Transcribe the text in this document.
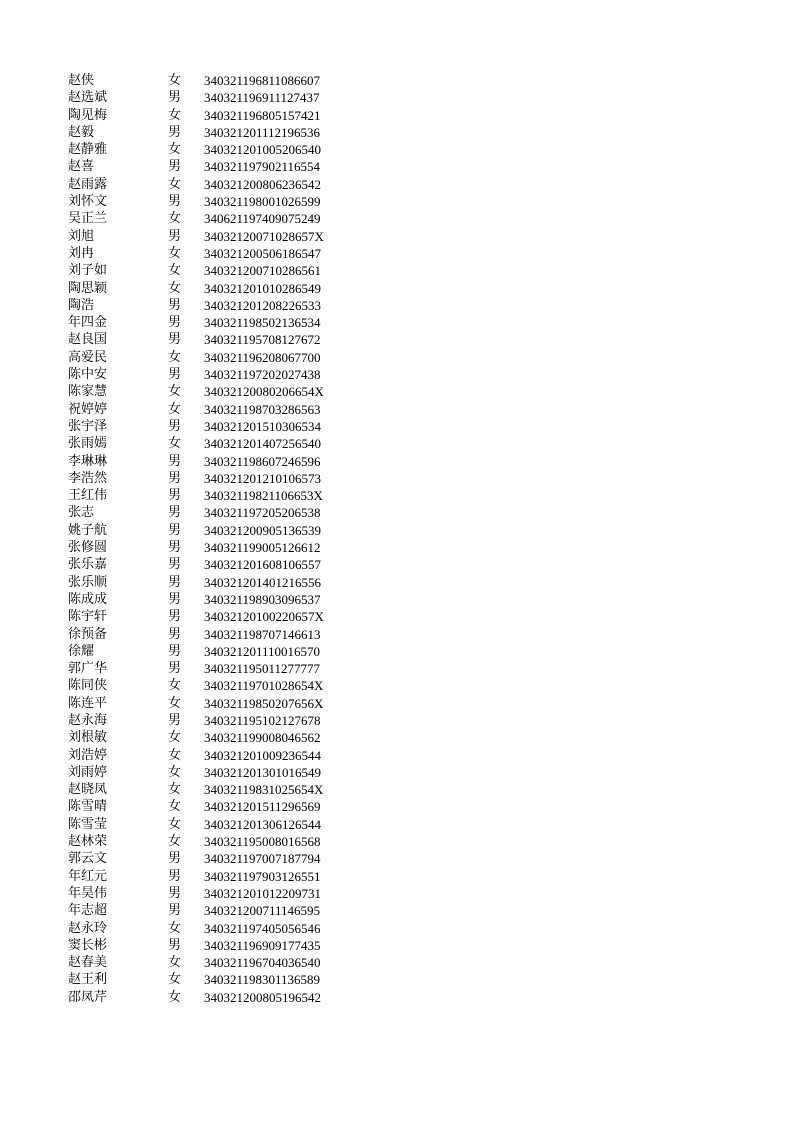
赵侠	女	340321196811086607
赵选斌	男	340321196911127437
陶见梅	女	340321196805157421
赵毅	男	340321201112196536
赵静雅	女	340321201005206540
赵喜	男	340321197902116554
赵雨露	女	340321200806236542
刘怀文	男	340321198001026599
吴正兰	女	340621197409075249
刘旭	男	34032120071028657X
刘冉	女	340321200506186547
刘子如	女	340321200710286561
陶思颖	女	340321201010286549
陶浩	男	340321201208226533
年四金	男	340321198502136534
赵良国	男	340321195708127672
高爱民	女	340321196208067700
陈中安	男	340321197202027438
陈家慧	女	34032120080206654X
祝婷婷	女	340321198703286563
张宇泽	男	340321201510306534
张雨嫣	女	340321201407256540
李琳琳	男	340321198607246596
李浩然	男	340321201210106573
王红伟	男	34032119821106653X
张志	男	340321197205206538
姚子航	男	340321200905136539
张修圆	男	340321199005126612
张乐嘉	男	340321201608106557
张乐顺	男	340321201401216556
陈成成	男	340321198903096537
陈宇轩	男	34032120100220657X
徐预备	男	340321198707146613
徐耀	男	340321201110016570
郭广华	男	340321195011277777
陈同侠	女	34032119701028654X
陈连平	女	34032119850207656X
赵永海	男	340321195102127678
刘根敏	女	340321199008046562
刘浩婷	女	340321201009236544
刘雨婷	女	340321201301016549
赵晓凤	女	34032119831025654X
陈雪晴	女	340321201511296569
陈雪莹	女	340321201306126544
赵林荣	女	340321195008016568
郭云文	男	340321197007187794
年红元	男	340321197903126551
年昊伟	男	340321201012209731
年志超	男	340321200711146595
赵永玲	女	340321197405056546
窦长彬	男	340321196909177435
赵春美	女	340321196704036540
赵王利	女	340321198301136589
邵凤芹	女	340321200805196542
